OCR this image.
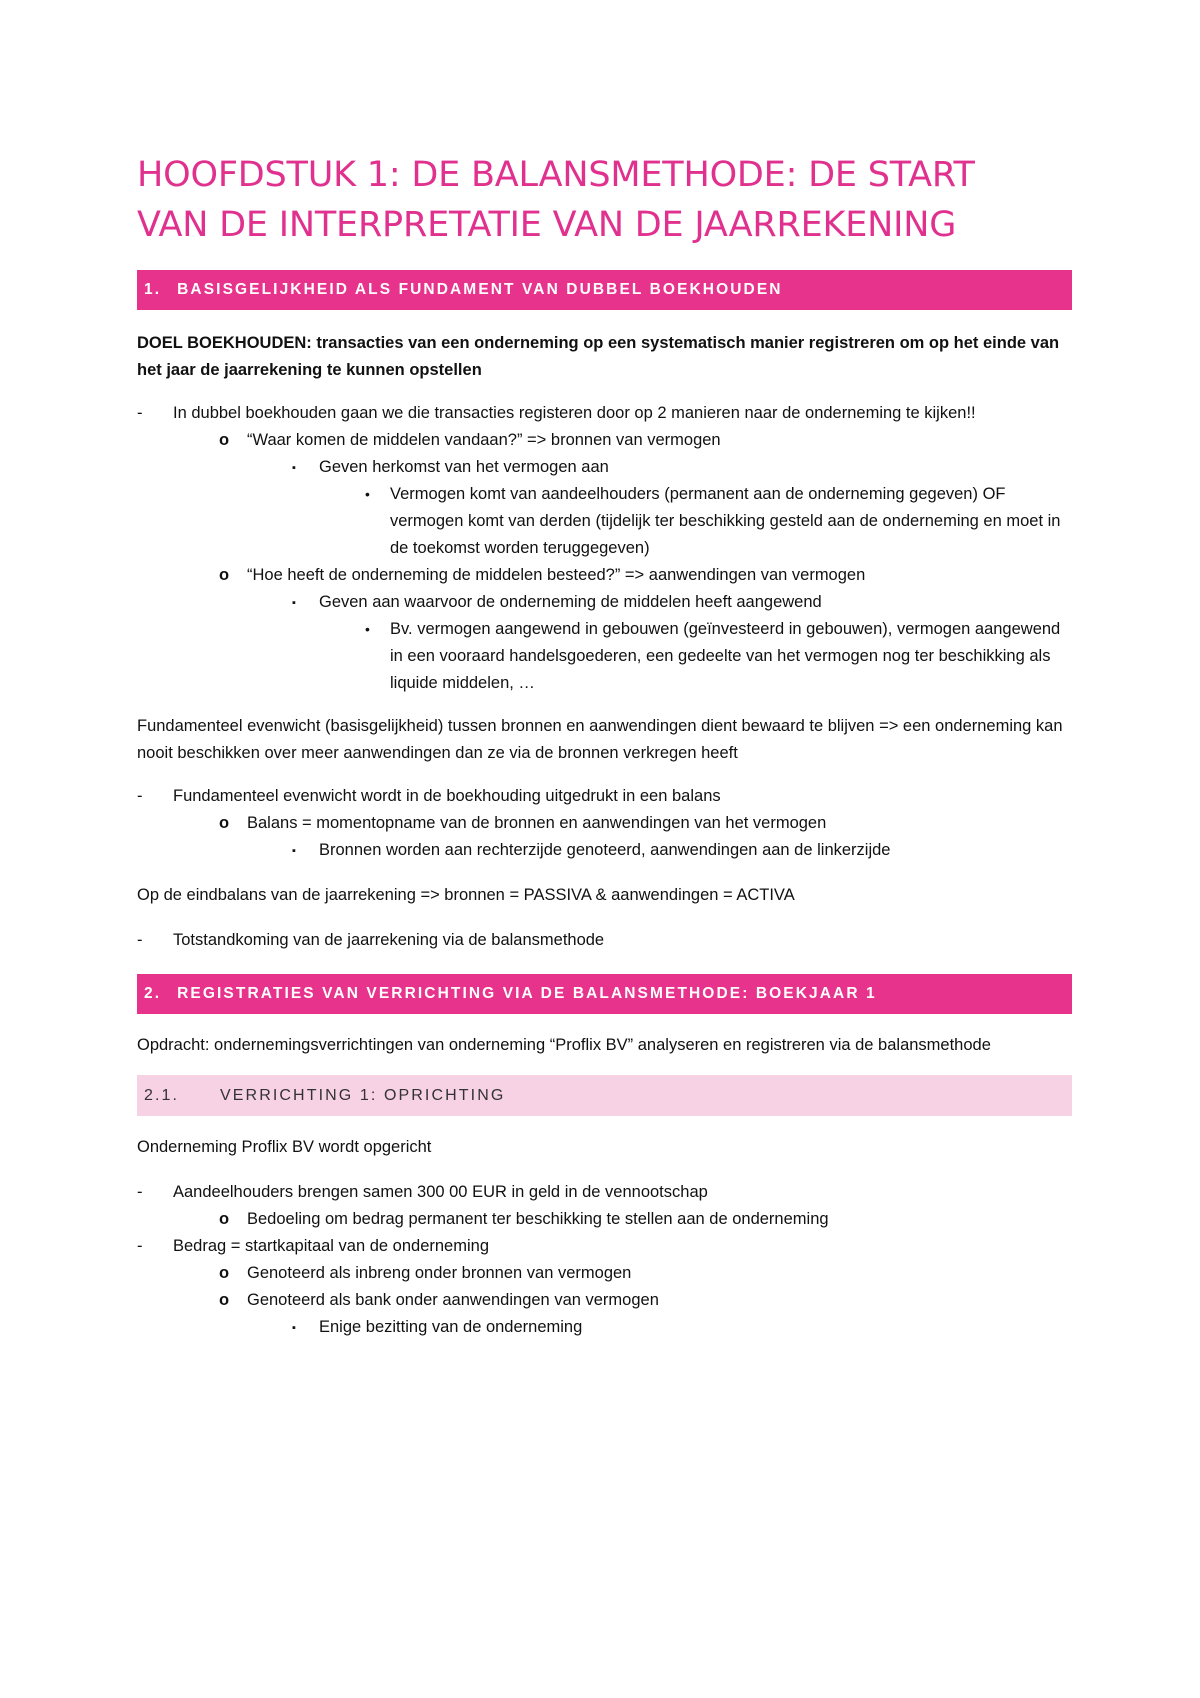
HOOFDSTUK 1: DE BALANSMETHODE: DE START
VAN DE INTERPRETATIE VAN DE JAARREKENING
1. BASISGELIJKHEID ALS FUNDAMENT VAN DUBBEL BOEKHOUDEN

DOEL BOEKHOUDEN: transacties van een onderneming op een systematisch manier registreren om op het einde van het jaar de jaarrekening te kunnen opstellen

- In dubbel boekhouden gaan we die transacties registeren door op 2 manieren naar de onderneming te kijken!!
o “Waar komen de middelen vandaan?” => bronnen van vermogen
▪ Geven herkomst van het vermogen aan
• Vermogen komt van aandeelhouders (permanent aan de onderneming gegeven) OF vermogen komt van derden (tijdelijk ter beschikking gesteld aan de onderneming en moet in de toekomst worden teruggegeven)
o “Hoe heeft de onderneming de middelen besteed?” => aanwendingen van vermogen
▪ Geven aan waarvoor de onderneming de middelen heeft aangewend
• Bv. vermogen aangewend in gebouwen (geïnvesteerd in gebouwen), vermogen aangewend in een vooraard handelsgoederen, een gedeelte van het vermogen nog ter beschikking als liquide middelen, …

Fundamenteel evenwicht (basisgelijkheid) tussen bronnen en aanwendingen dient bewaard te blijven => een onderneming kan nooit beschikken over meer aanwendingen dan ze via de bronnen verkregen heeft

- Fundamenteel evenwicht wordt in de boekhouding uitgedrukt in een balans
o Balans = momentopname van de bronnen en aanwendingen van het vermogen
▪ Bronnen worden aan rechterzijde genoteerd, aanwendingen aan de linkerzijde

Op de eindbalans van de jaarrekening => bronnen = PASSIVA & aanwendingen = ACTIVA

- Totstandkoming van de jaarrekening via de balansmethode
2. REGISTRATIES VAN VERRICHTING VIA DE BALANSMETHODE: BOEKJAAR 1

Opdracht: ondernemingsverrichtingen van onderneming “Proflix BV” analyseren en registreren via de balansmethode

2.1.	VERRICHTING 1: OPRICHTING

Onderneming Proflix BV wordt opgericht

- Aandeelhouders brengen samen 300 00 EUR in geld in de vennootschap
o Bedoeling om bedrag permanent ter beschikking te stellen aan de onderneming
- Bedrag = startkapitaal van de onderneming
o Genoteerd als inbreng onder bronnen van vermogen
o Genoteerd als bank onder aanwendingen van vermogen
▪ Enige bezitting van de onderneming
